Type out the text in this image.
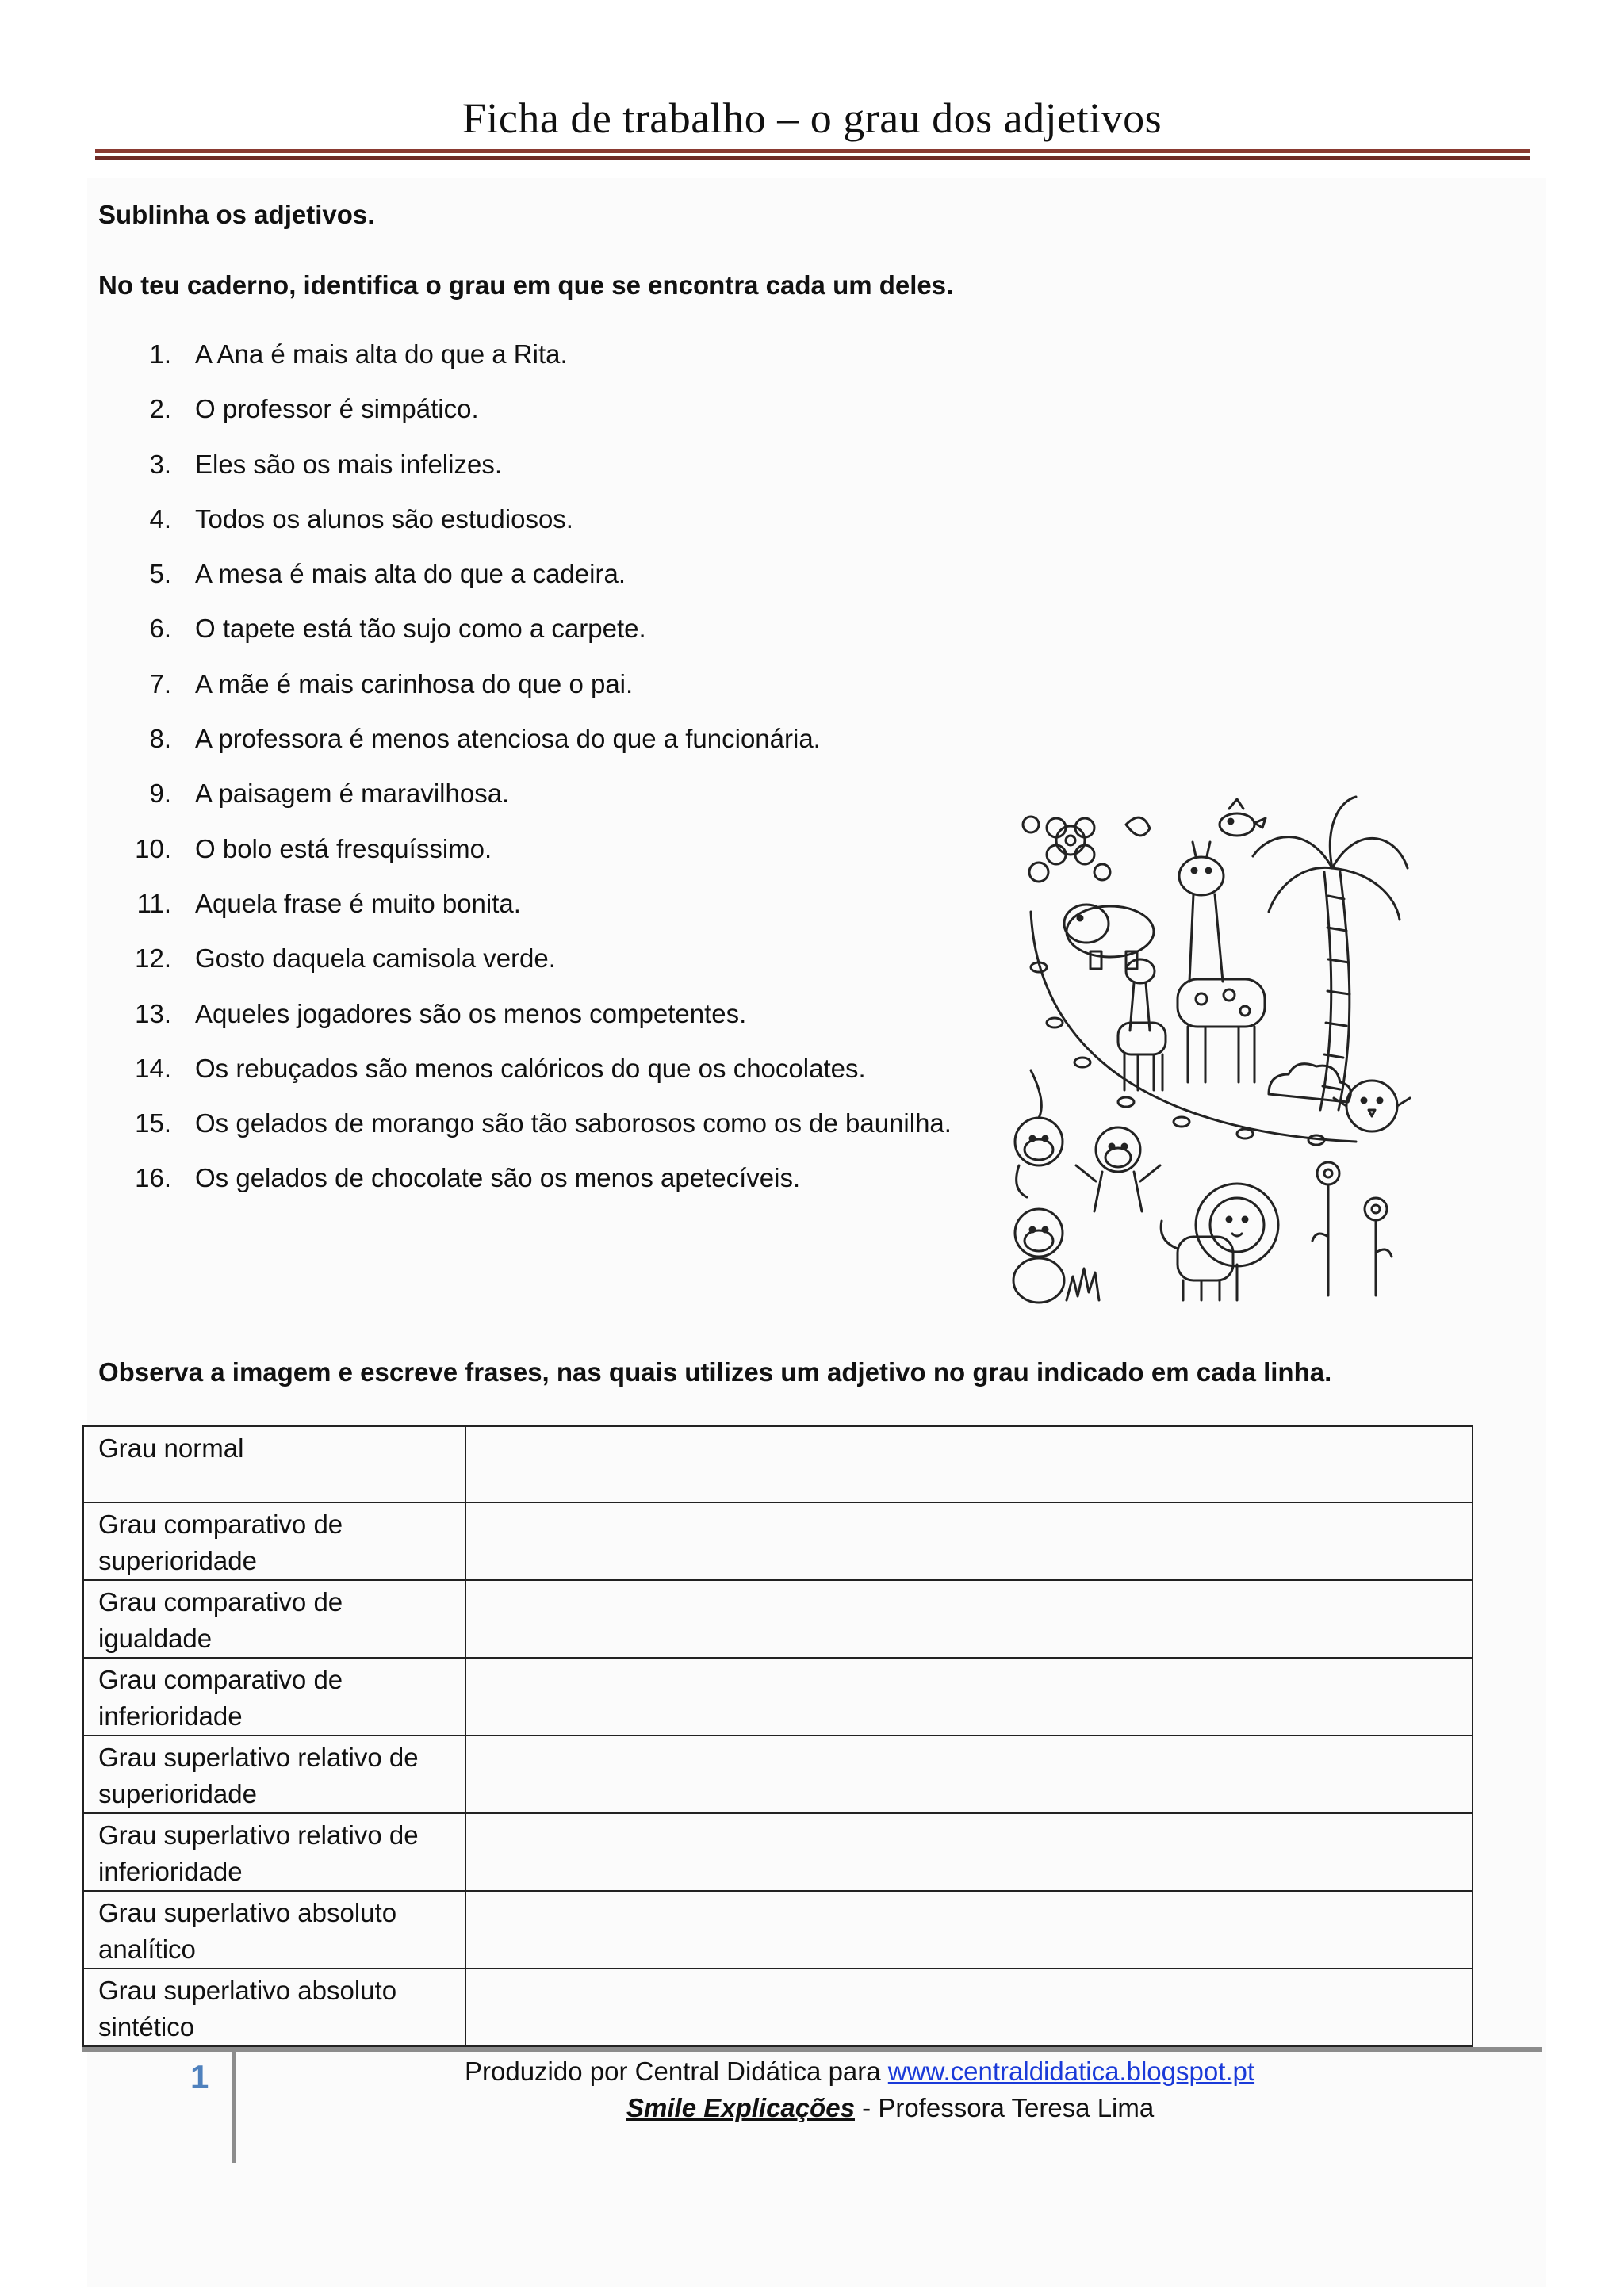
Ficha de trabalho – o grau dos adjetivos
Sublinha os adjetivos.
No teu caderno, identifica o grau em que se encontra cada um deles.
1. A Ana é mais alta do que a Rita.
2. O professor é simpático.
3. Eles são os mais infelizes.
4. Todos os alunos são estudiosos.
5. A mesa é mais alta do que a cadeira.
6. O tapete está tão sujo como a carpete.
7. A mãe é mais carinhosa do que o pai.
8. A professora é menos atenciosa do que a funcionária.
9. A paisagem é maravilhosa.
10. O bolo está fresquíssimo.
11. Aquela frase é muito bonita.
12. Gosto daquela camisola verde.
13. Aqueles jogadores são os menos competentes.
14. Os rebuçados são menos calóricos do que os chocolates.
15. Os gelados de morango são tão saborosos como os de baunilha.
16. Os gelados de chocolate são os menos apetecíveis.
Observa a imagem e escreve frases, nas quais utilizes um adjetivo no grau indicado em cada linha.
Grau normal	
Grau comparativo de superioridade	
Grau comparativo de igualdade	
Grau comparativo de inferioridade	
Grau superlativo relativo de superioridade	
Grau superlativo relativo de inferioridade	
Grau superlativo absoluto analítico	
Grau superlativo absoluto sintético	
1	Produzido por Central Didática para www.centraldidatica.blogspot.pt
Smile Explicações - Professora Teresa Lima
